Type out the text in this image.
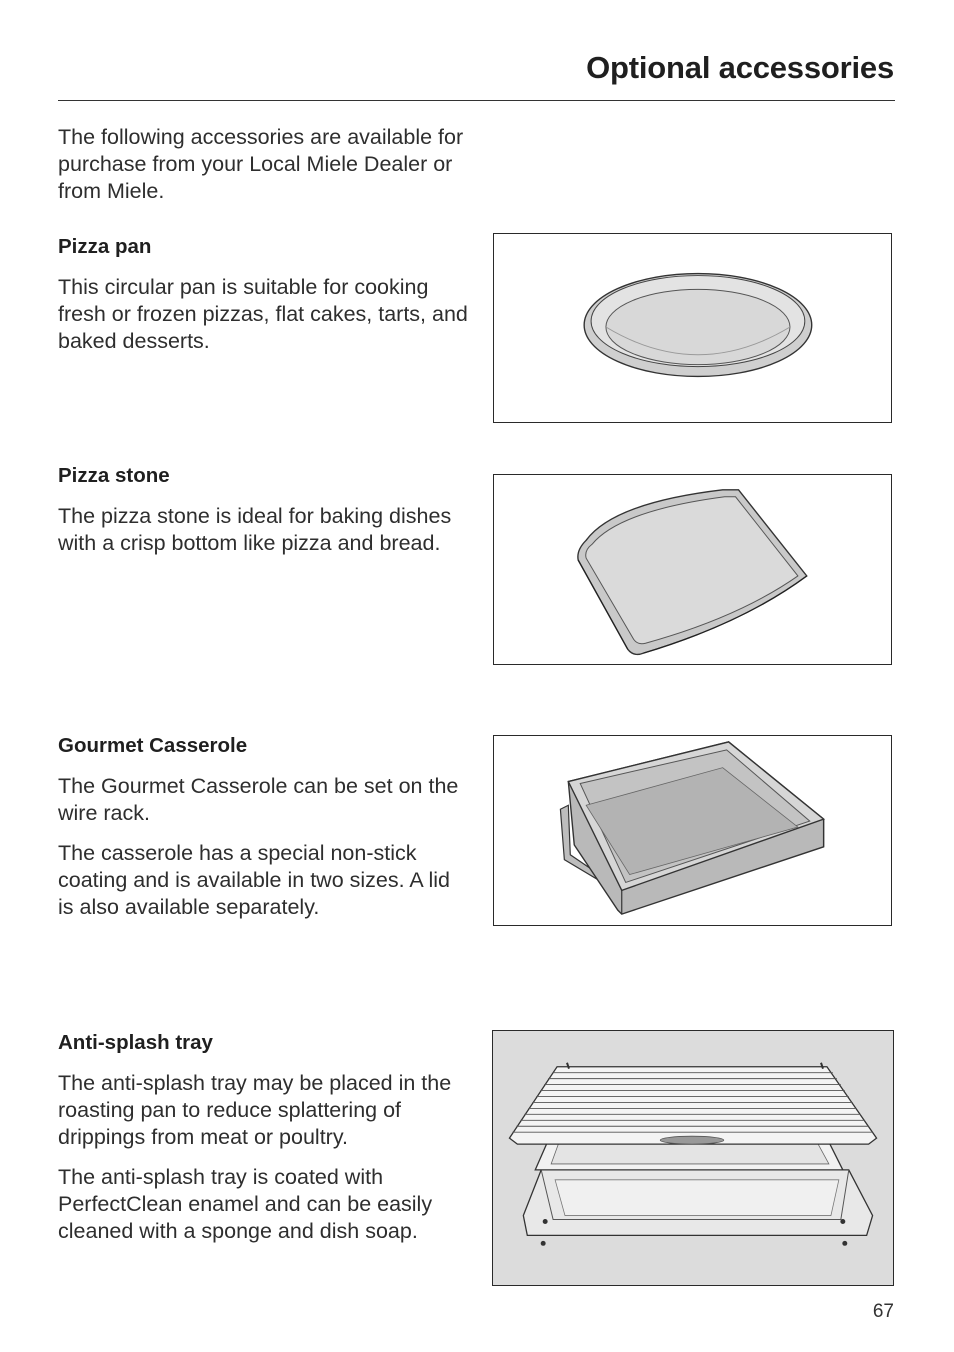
Optional accessories

The following accessories are available for purchase from your Local Miele Dealer or from Miele.

Pizza pan

This circular pan is suitable for cooking fresh or frozen pizzas, flat cakes, tarts, and baked desserts.

Pizza stone

The pizza stone is ideal for baking dishes with a crisp bottom like pizza and bread.

Gourmet Casserole

The Gourmet Casserole can be set on the wire rack.

The casserole has a special non-stick coating and is available in two sizes. A lid is also available separately.

Anti-splash tray

The anti-splash tray may be placed in the roasting pan to reduce splattering of drippings from meat or poultry.

The anti-splash tray is coated with PerfectClean enamel and can be easily cleaned with a sponge and dish soap.

67
